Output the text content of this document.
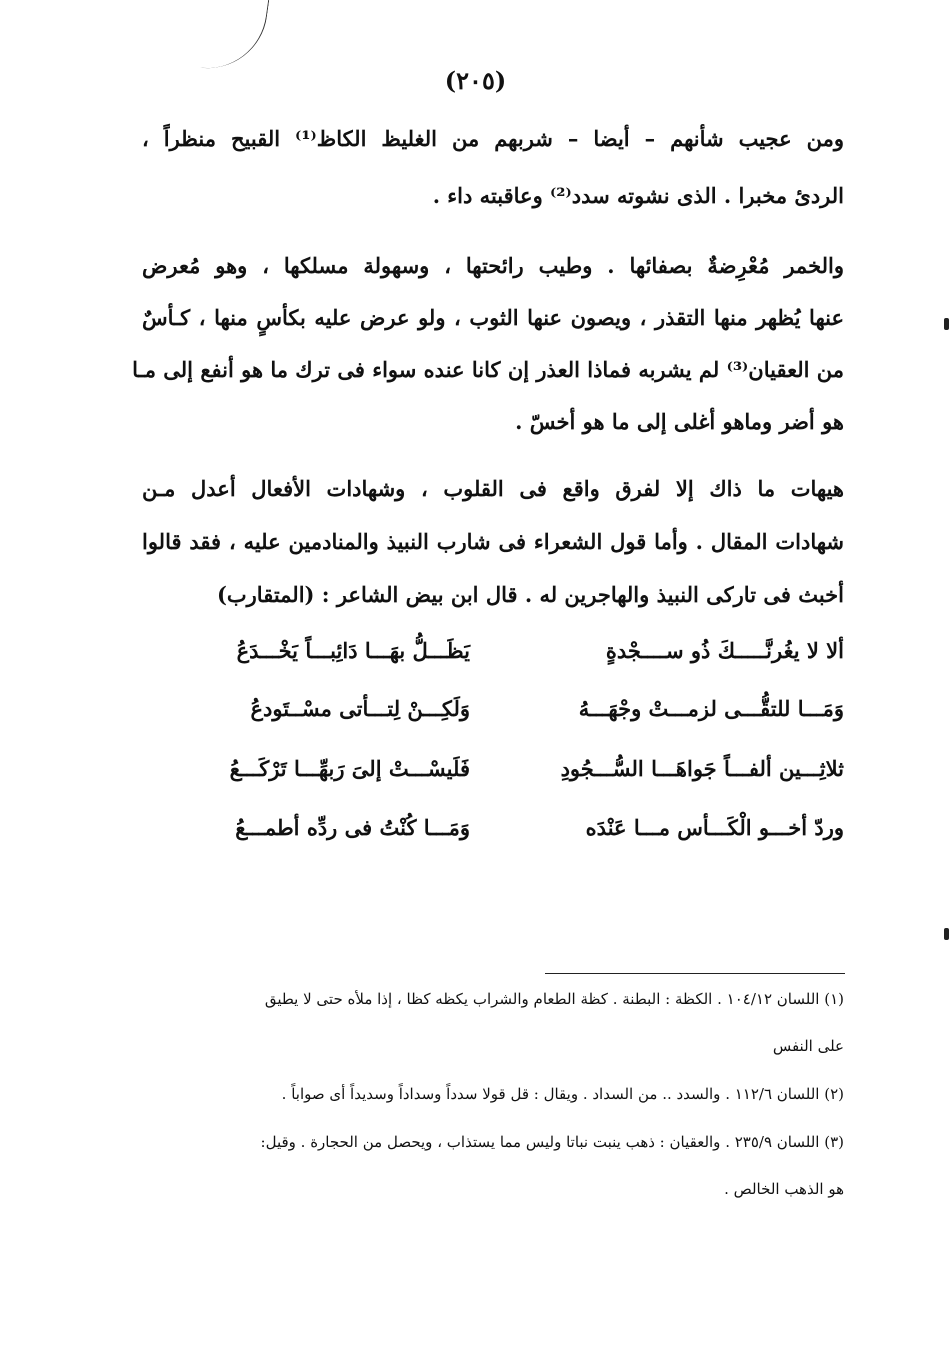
(٢٠٥)
ومن عجيب شأنهم – أيضا – شربهم من الغليظ الكاظ⁽¹⁾ القبيح منظراً ،
الردئ مخبرا . الذى نشوته سدد⁽²⁾ وعاقبته داء .
والخمر مُعْرِضةٌ بصفائها . وطيب رائحتها ، وسهولة مسلكها ، وهو مُعرض
عنها يُظهر منها التقذر ، ويصون عنها الثوب ، ولو عرض عليه بكأسٍ منها ، كـأسٌ
من العقيان⁽³⁾ لم يشربه فماذا العذر إن كانا عنده سواء فى ترك ما هو أنفع إلى مـا
هو أضر وماهو أغلى إلى ما هو أخسّ .
هيهات ما ذاك إلا لفرق واقع فى القلوب ، وشهادات الأفعال أعدل مـن
شهادات المقال . وأما قول الشعراء فى شارب النبيذ والمنادمين عليه ، فقد قالوا
أخبث فى تاركى النبيذ والهاجرين له . قال ابن بيض الشاعر : (المتقارب)
ألا لا يغُرنَّـــــكَ ذُو ســــجْدةٍ
يَظَـــلُّ بهَـــا دَائِبـــاً يَخْـــدَعُ
وَمَـــا للتقُّـــى لزمـــتْ وجْهَـــهُ
وَلَكِـــنْ لِتـــأتى مسْــتَودعُ
ثلاثِـــين ألفـــاً جَواهَـــا السُّـــجُودِ
فَلَيسْـــتْ إلىَ رَبهِّـــا تَرْكَـــعُ
وردّ أخـــو الْكَـــأس مـــا عَنْدَه
وَمَـــا كُنْتُ فى ردِّه أطمـــعُ
(١) اللسان ١٠٤/١٢ . الكظة : البطنة . كظة الطعام والشراب يكظه كظا ، إذا ملأه حتى لا يطيق
على النفس
(٢) اللسان ١١٢/٦ . والسدد .. من السداد . ويقال : قل قولا سدداً وسداداً وسديداً أى صواباً .
(٣) اللسان ٢٣٥/٩ . والعقيان : ذهب ينبت نباتا وليس مما يستذاب ، ويحصل من الحجارة . وقيل:
هو الذهب الخالص .
